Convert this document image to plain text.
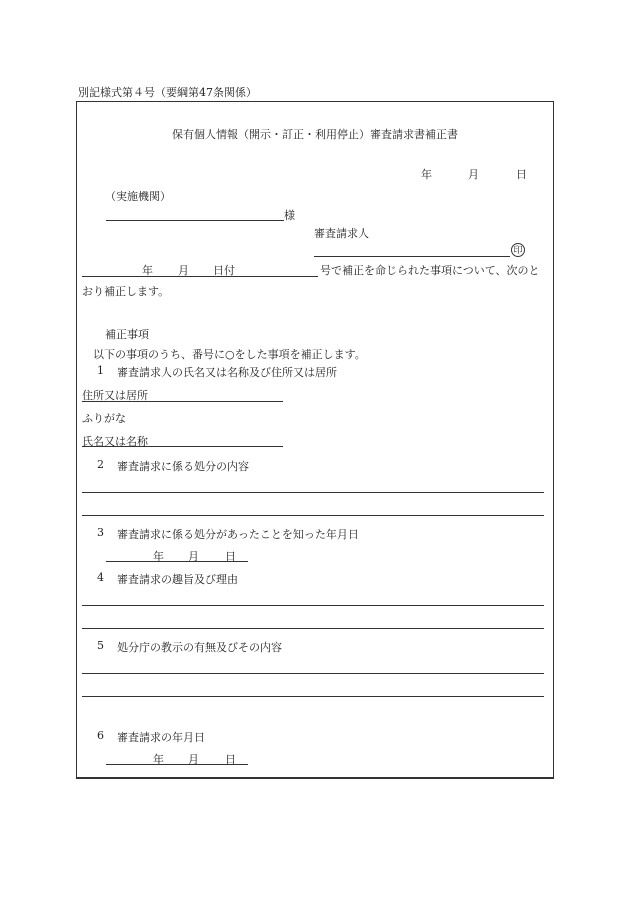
別記様式第４号（要綱第47条関係）
保有個人情報（開示・訂正・利用停止）審査請求書補正書
年	月	日
（実施機関）
様
審査請求人
印
年 月 日付	号で補正を命じられた事項について、次のと
おり補正します。
補正事項
以下の事項のうち、番号に○をした事項を補正します。
1 審査請求人の氏名又は名称及び住所又は居所
住所又は居所
ふりがな
氏名又は名称
2 審査請求に係る処分の内容
3 審査請求に係る処分があったことを知った年月日
年 月 日
4 審査請求の趣旨及び理由
5 処分庁の教示の有無及びその内容
6 審査請求の年月日
年 月 日
